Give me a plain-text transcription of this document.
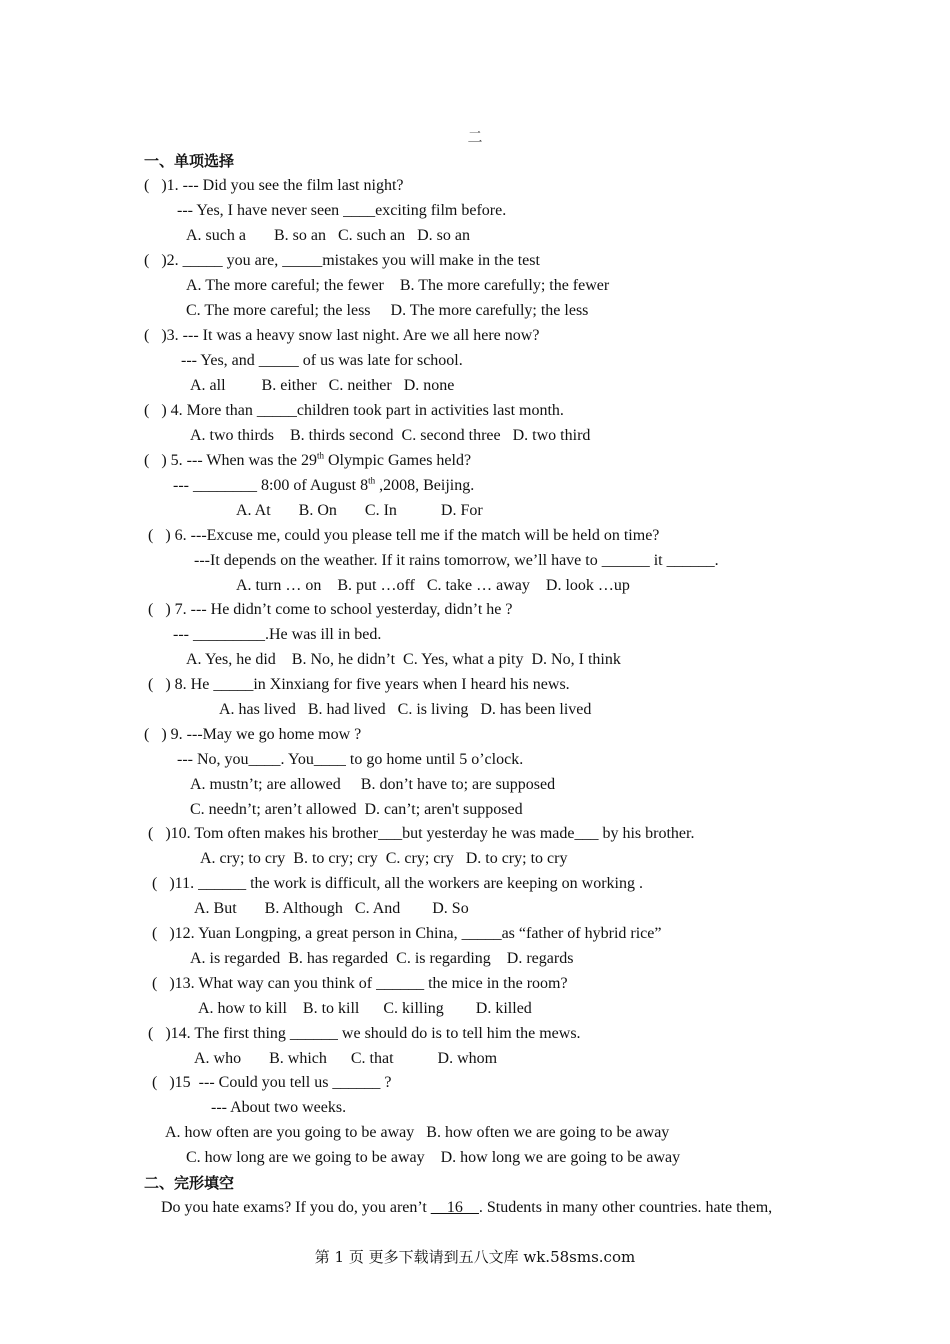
二
一、单项选择
(   )1. --- Did you see the film last night?
--- Yes, I have never seen ____exciting film before.
A. such a       B. so an   C. such an   D. so an
(   )2. _____ you are, _____mistakes you will make in the test
A. The more careful; the fewer    B. The more carefully; the fewer
C. The more careful; the less     D. The more carefully; the less
(   )3. --- It was a heavy snow last night. Are we all here now?
--- Yes, and _____ of us was late for school.
A. all         B. either   C. neither   D. none
(   ) 4. More than _____children took part in activities last month.
A. two thirds    B. thirds second  C. second three   D. two third
(   ) 5. --- When was the 29th Olympic Games held?
--- ________ 8:00 of August 8th ,2008, Beijing.
A. At       B. On       C. In           D. For
(   ) 6. ---Excuse me, could you please tell me if the match will be held on time?
---It depends on the weather. If it rains tomorrow, we’ll have to ______ it ______.
A. turn … on    B. put …off   C. take … away    D. look …up
(   ) 7. --- He didn’t come to school yesterday, didn’t he ?
--- _________.He was ill in bed.
A. Yes, he did    B. No, he didn’t  C. Yes, what a pity  D. No, I think
(   ) 8. He _____in Xinxiang for five years when I heard his news.
A. has lived   B. had lived   C. is living   D. has been lived
(   ) 9. ---May we go home mow ?
--- No, you____. You____ to go home until 5 o’clock.
A. mustn’t; are allowed     B. don’t have to; are supposed
C. needn’t; aren’t allowed  D. can’t; aren't supposed
(   )10. Tom often makes his brother___but yesterday he was made___ by his brother.
A. cry; to cry  B. to cry; cry  C. cry; cry   D. to cry; to cry
(   )11. ______ the work is difficult, all the workers are keeping on working .
A. But       B. Although   C. And        D. So
(   )12. Yuan Longping, a great person in China, _____as “father of hybrid rice”
A. is regarded  B. has regarded  C. is regarding    D. regards
(   )13. What way can you think of ______ the mice in the room?
A. how to kill    B. to kill      C. killing        D. killed
(   )14. The first thing ______ we should do is to tell him the mews.
A. who       B. which      C. that           D. whom
(   )15  --- Could you tell us ______ ?
--- About two weeks.
A. how often are you going to be away   B. how often we are going to be away
C. how long are we going to be away    D. how long we are going to be away
二、完形填空
Do you hate exams? If you do, you aren’t __16__. Students in many other countries. hate them,
第 1 页 更多下载请到五八文库 wk.58sms.com
